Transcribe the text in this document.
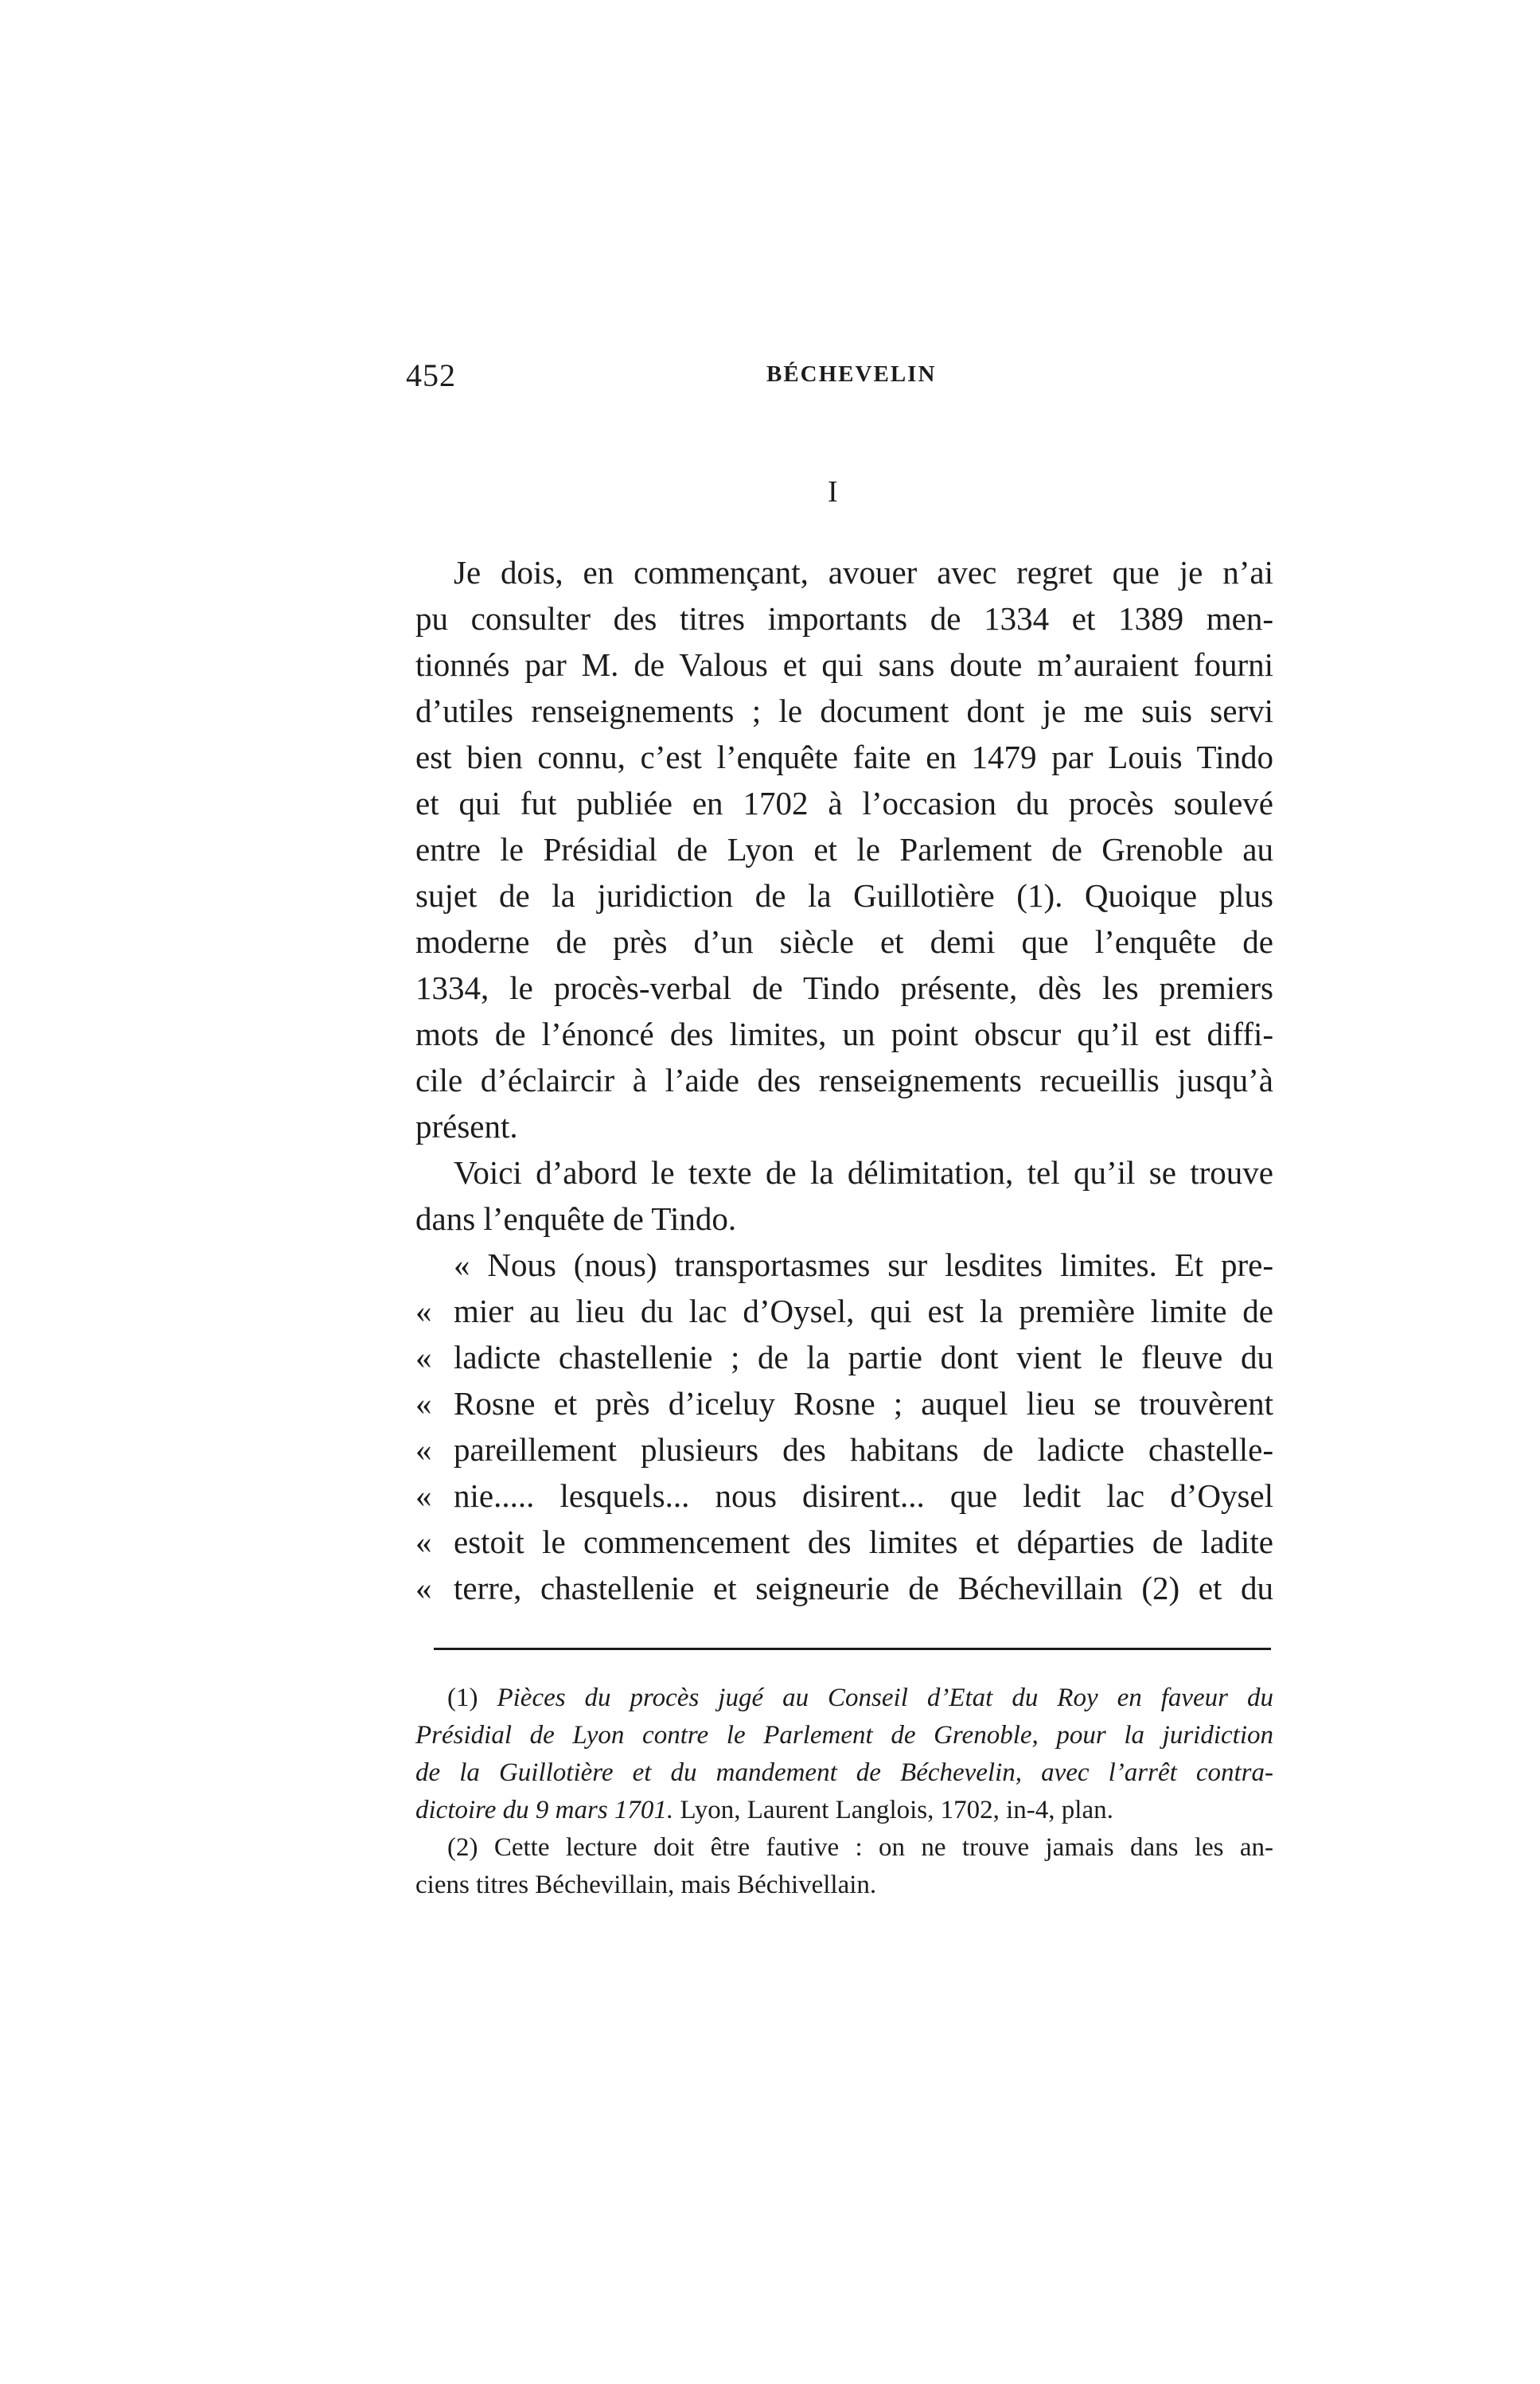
452	BÉCHEVELIN
I
Je dois, en commençant, avouer avec regret que je n’ai
pu consulter des titres importants de 1334 et 1389 men-
tionnés par M. de Valous et qui sans doute m’auraient fourni
d’utiles renseignements ; le document dont je me suis servi
est bien connu, c’est l’enquête faite en 1479 par Louis Tindo
et qui fut publiée en 1702 à l’occasion du procès soulevé
entre le Présidial de Lyon et le Parlement de Grenoble au
sujet de la juridiction de la Guillotière (1). Quoique plus
moderne de près d’un siècle et demi que l’enquête de
1334, le procès-verbal de Tindo présente, dès les premiers
mots de l’énoncé des limites, un point obscur qu’il est diffi-
cile d’éclaircir à l’aide des renseignements recueillis jusqu’à
présent.
Voici d’abord le texte de la délimitation, tel qu’il se trouve
dans l’enquête de Tindo.
« Nous (nous) transportasmes sur lesdites limites. Et pre-
« mier au lieu du lac d’Oysel, qui est la première limite de
« ladicte chastellenie ; de la partie dont vient le fleuve du
« Rosne et près d’iceluy Rosne ; auquel lieu se trouvèrent
« pareillement plusieurs des habitans de ladicte chastelle-
« nie..... lesquels... nous disirent... que ledit lac d’Oysel
« estoit le commencement des limites et départies de ladite
« terre, chastellenie et seigneurie de Béchevillain (2) et du
(1) Pièces du procès jugé au Conseil d’Etat du Roy en faveur du
Présidial de Lyon contre le Parlement de Grenoble, pour la juridiction
de la Guillotière et du mandement de Béchevelin, avec l’arrêt contra-
dictoire du 9 mars 1701. Lyon, Laurent Langlois, 1702, in-4, plan.
(2) Cette lecture doit être fautive : on ne trouve jamais dans les an-
ciens titres Béchevillain, mais Béchivellain.
